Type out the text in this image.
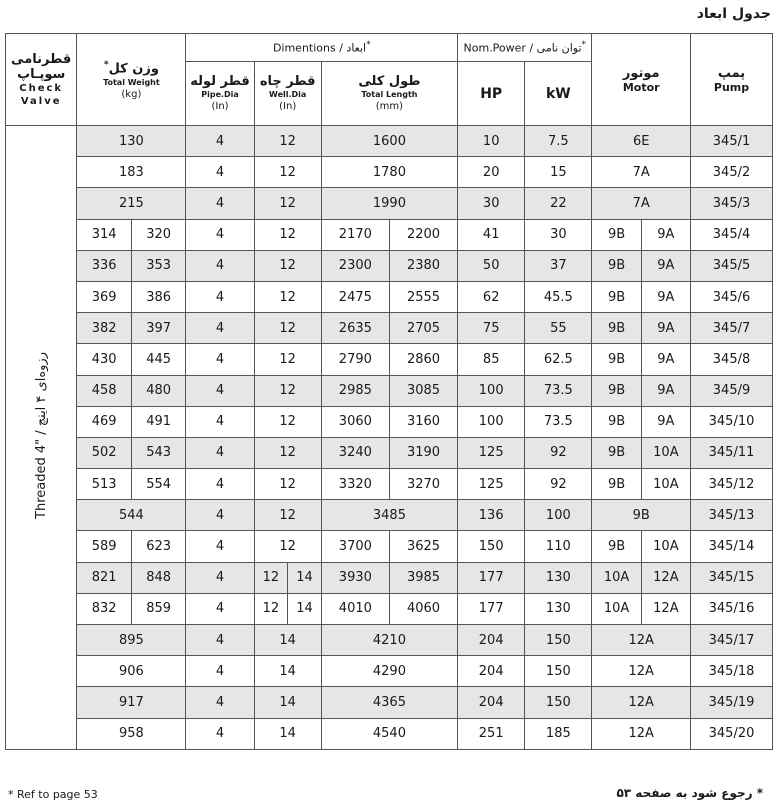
جدول ابعاد
قطرنامی سوپـاپ
Check Valve	وزن کل*
Total Weight
(kg)		Dimentions / ابعاد*					Nom.Power / توان نامی*		موتور
Motor		پمپ
Pump

			قطر لوله
Pipe.Dia
(In)	قطر چاه
Well.Dia
(In)		طول کلی
Total Length
(mm)		HP	kW			
Threaded 4" / رزوه‌ای ۴ اینچ	130		4	12		1600		10	7.5	6E		345/1
	183		4	12		1780		20	15	7A		345/2
	215		4	12		1990		30	22	7A		345/3
	314	320	4	12		2170	2200	41	30	9B	9A	345/4
	336	353	4	12		2300	2380	50	37	9B	9A	345/5
	369	386	4	12		2475	2555	62	45.5	9B	9A	345/6
	382	397	4	12		2635	2705	75	55	9B	9A	345/7
	430	445	4	12		2790	2860	85	62.5	9B	9A	345/8
	458	480	4	12		2985	3085	100	73.5	9B	9A	345/9
	469	491	4	12		3060	3160	100	73.5	9B	9A	345/10
	502	543	4	12		3240	3190	125	92	9B	10A	345/11
	513	554	4	12		3320	3270	125	92	9B	10A	345/12
	544		4	12		3485		136	100	9B		345/13
	589	623	4	12		3700	3625	150	110	9B	10A	345/14
	821	848	4	12	14	3930	3985	177	130	10A	12A	345/15
	832	859	4	12	14	4010	4060	177	130	10A	12A	345/16
	895		4	14		4210		204	150	12A		345/17
	906		4	14		4290		204	150	12A		345/18
	917		4	14		4365		204	150	12A		345/19
	958		4	14		4540		251	185	12A		345/20
* Ref to page 53	* رجوع شود به صفحه ۵۳
